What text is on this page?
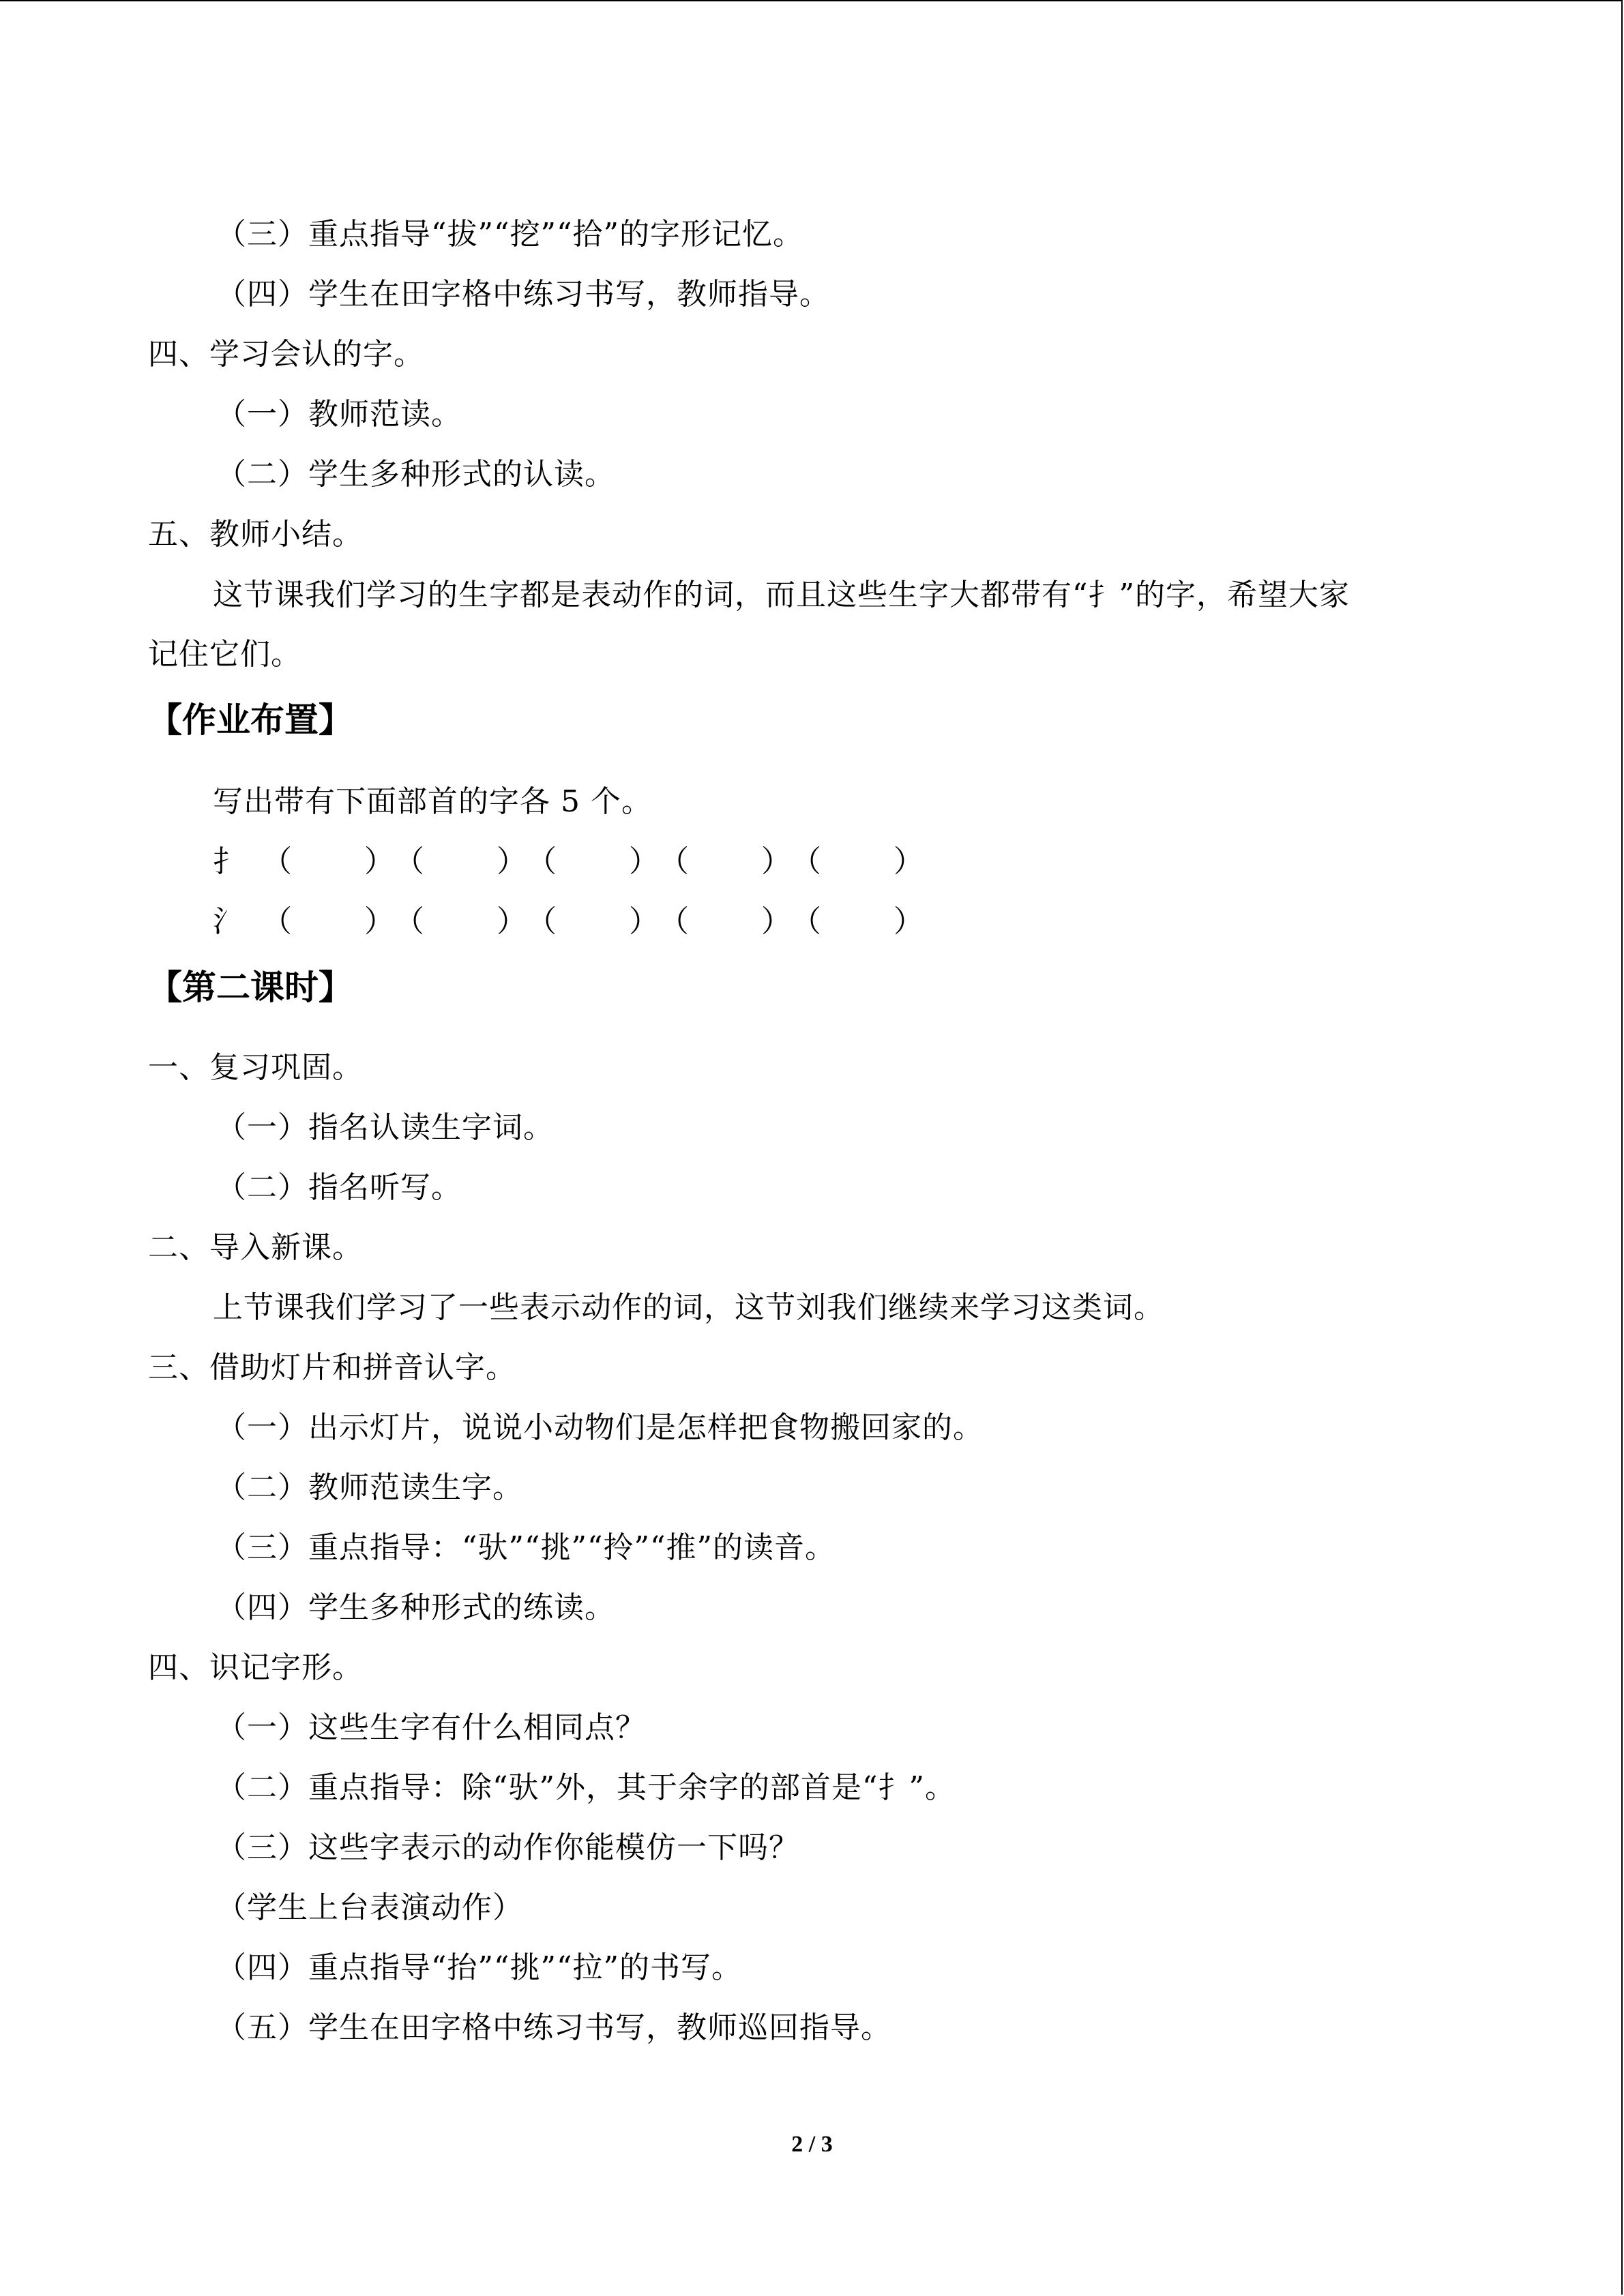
（三）重点指导“拔”“挖”“拾”的字形记忆。
（四）学生在田字格中练习书写，教师指导。
四、学习会认的字。
（一）教师范读。
（二）学生多种形式的认读。
五、教师小结。
这节课我们学习的生字都是表动作的词，而且这些生字大都带有“扌”的字，希望大家
记住它们。
【作业布置】
写出带有下面部首的字各 5 个。
扌 （ ） （ ） （ ） （ ） （ ）
氵 （ ） （ ） （ ） （ ） （ ）
【第二课时】
一、复习巩固。
（一）指名认读生字词。
（二）指名听写。
二、导入新课。
上节课我们学习了一些表示动作的词，这节刘我们继续来学习这类词。
三、借助灯片和拼音认字。
（一）出示灯片，说说小动物们是怎样把食物搬回家的。
（二）教师范读生字。
（三）重点指导：“驮”“挑”“拎”“推”的读音。
（四）学生多种形式的练读。
四、识记字形。
（一）这些生字有什么相同点？
（二）重点指导：除“驮”外，其于余字的部首是“扌”。
（三）这些字表示的动作你能模仿一下吗？
（学生上台表演动作）
（四）重点指导“抬”“挑”“拉”的书写。
（五）学生在田字格中练习书写，教师巡回指导。
2 / 3
